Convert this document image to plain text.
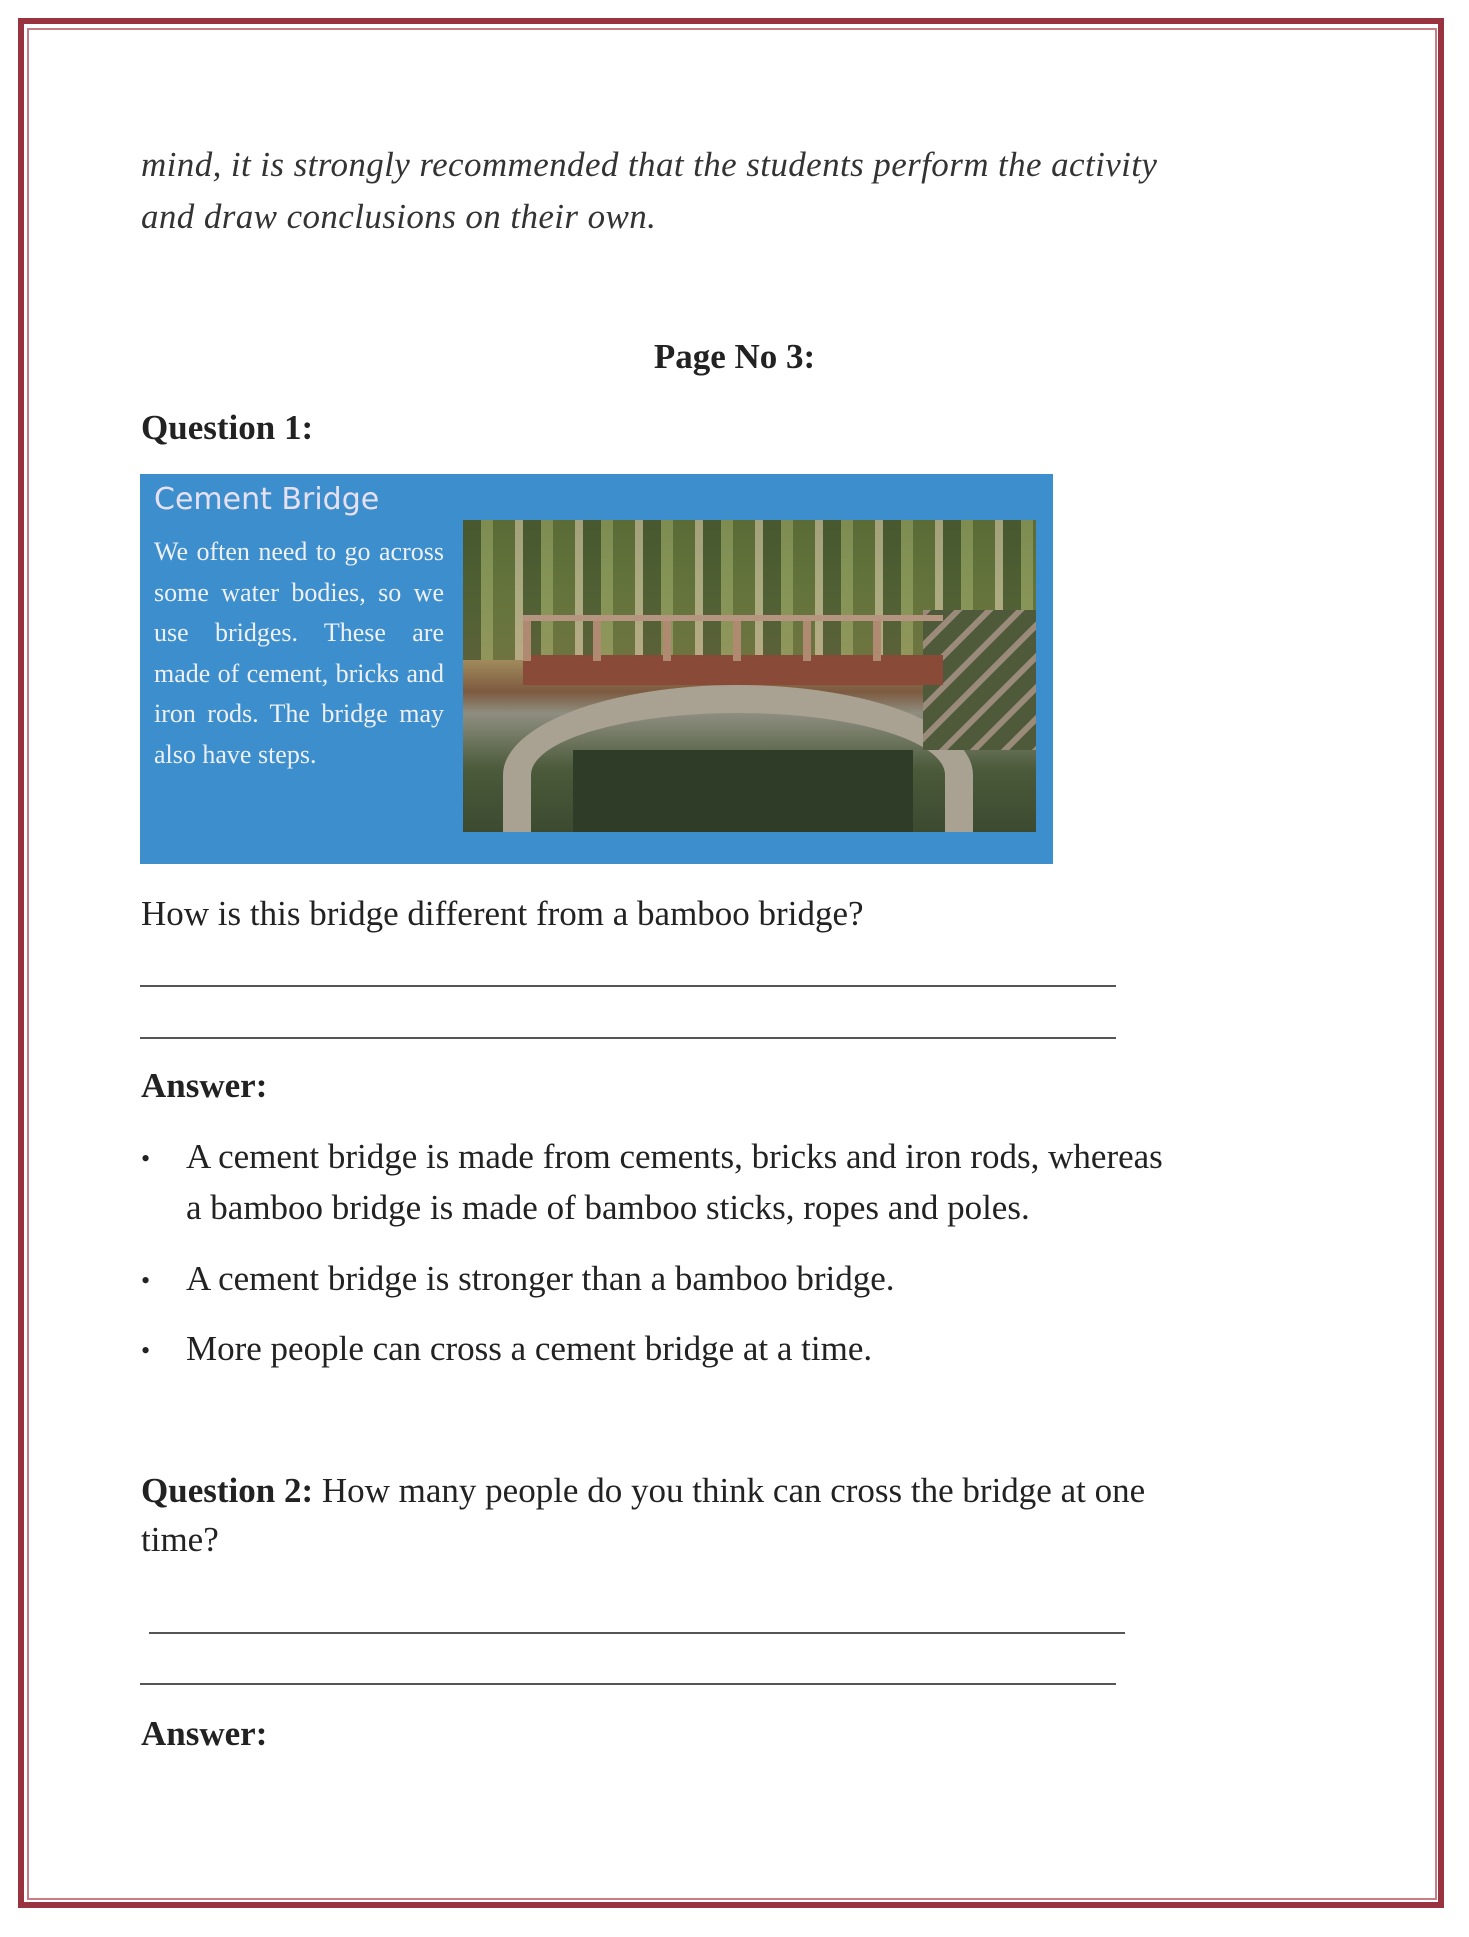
mind, it is strongly recommended that the students perform the activity
and draw conclusions on their own.
Page No 3:
Question 1:
Cement Bridge
We often need to go across some water bodies, so we use bridges. These are made of cement, bricks and iron rods. The bridge may also have steps.
How is this bridge different from a bamboo bridge?
Answer:
• A cement bridge is made from cements, bricks and iron rods, whereas
a bamboo bridge is made of bamboo sticks, ropes and poles.
• A cement bridge is stronger than a bamboo bridge.
• More people can cross a cement bridge at a time.
Question 2: How many people do you think can cross the bridge at one
time?
Answer:
